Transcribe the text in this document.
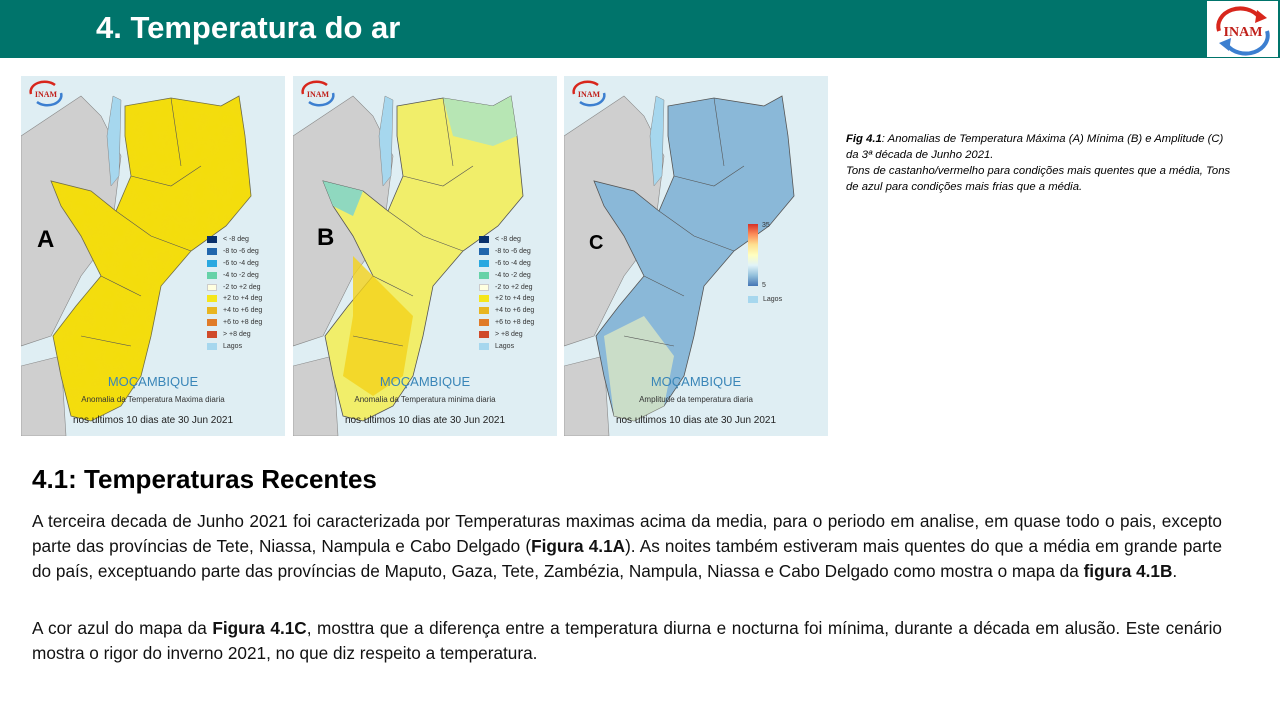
4. Temperatura do ar	INAM
INAM
A	< -8 deg
-8 to -6 deg
-6 to -4 deg
-4 to -2 deg
-2 to +2 deg
+2 to +4 deg
+4 to +6 deg
+6 to +8 deg
> +8 deg
Lagos
MOÇAMBIQUE
Anomalia da Temperatura Maxima diaria
nos ultimos 10 dias ate 30 Jun 2021
INAM
B	< -8 deg
-8 to -6 deg
-6 to -4 deg
-4 to -2 deg
-2 to +2 deg
+2 to +4 deg
+4 to +6 deg
+6 to +8 deg
> +8 deg
Lagos
MOÇAMBIQUE
Anomalia da Temperatura minima diaria
nos ultimos 10 dias ate 30 Jun 2021
INAM
C
35
5
Lagos
MOÇAMBIQUE
Amplitude da temperatura diaria
nos ultimos 10 dias ate 30 Jun 2021
Fig 4.1: Anomalias de Temperatura Máxima (A) Mínima (B) e Amplitude (C) da 3ª década de Junho 2021.
Tons de castanho/vermelho para condições mais quentes que a média, Tons de azul para condições mais frias que a média.
4.1: Temperaturas Recentes

A terceira decada de Junho 2021 foi caracterizada por Temperaturas maximas acima da media, para o periodo em analise, em quase todo o pais, excepto parte das províncias de Tete, Niassa, Nampula e Cabo Delgado (Figura 4.1A). As noites também estiveram mais quentes do que a média em grande parte do país, exceptuando parte das províncias de Maputo, Gaza, Tete, Zambézia, Nampula, Niassa e Cabo Delgado como mostra o mapa da figura 4.1B.

A cor azul do mapa da Figura 4.1C, mosttra que a diferença entre a temperatura diurna e nocturna foi mínima, durante a década em alusão. Este cenário mostra o rigor do inverno 2021, no que diz respeito a temperatura.
